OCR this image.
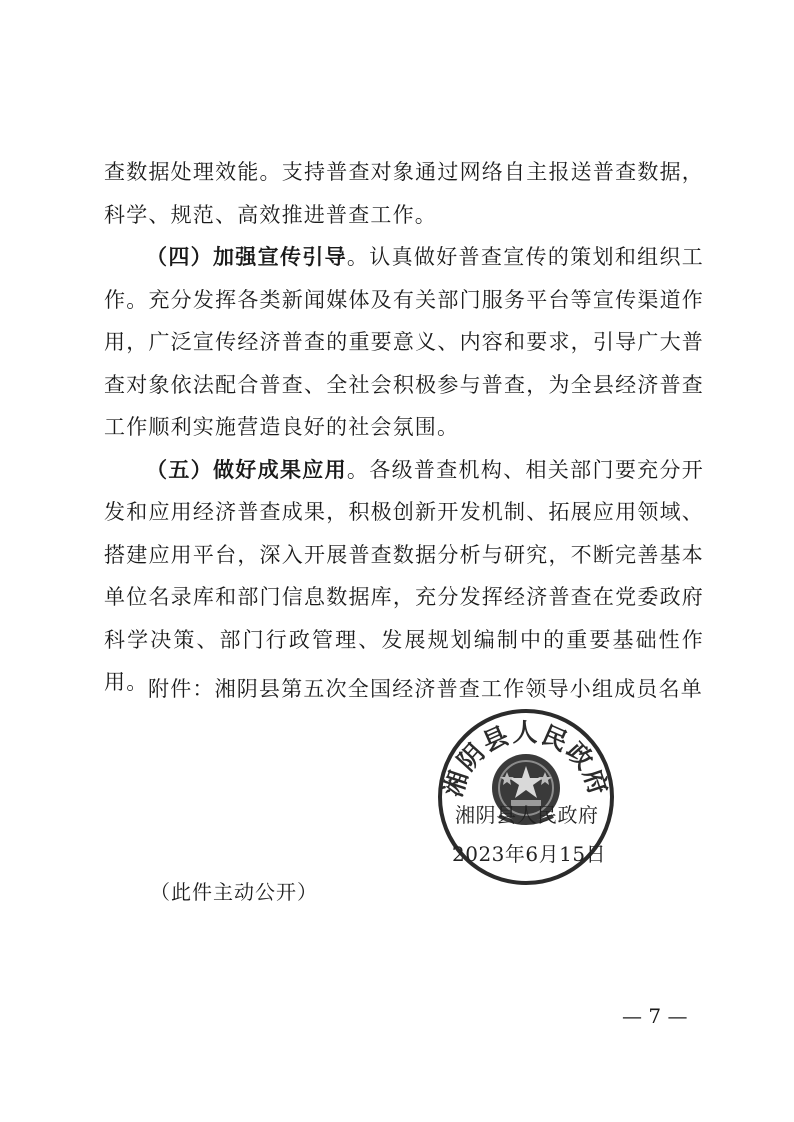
查数据处理效能。支持普查对象通过网络自主报送普查数据，科学、规范、高效推进普查工作。

（四）加强宣传引导。认真做好普查宣传的策划和组织工作。充分发挥各类新闻媒体及有关部门服务平台等宣传渠道作用，广泛宣传经济普查的重要意义、内容和要求，引导广大普查对象依法配合普查、全社会积极参与普查，为全县经济普查工作顺利实施营造良好的社会氛围。

（五）做好成果应用。各级普查机构、相关部门要充分开发和应用经济普查成果，积极创新开发机制、拓展应用领域、搭建应用平台，深入开展普查数据分析与研究，不断完善基本单位名录库和部门信息数据库，充分发挥经济普查在党委政府科学决策、部门行政管理、发展规划编制中的重要基础性作用。 附件：湘阴县第五次全国经济普查工作领导小组成员名单
湘阴县人民政府
湘阴县人民政府
2023年6月15日
（此件主动公开）
— 7 —
